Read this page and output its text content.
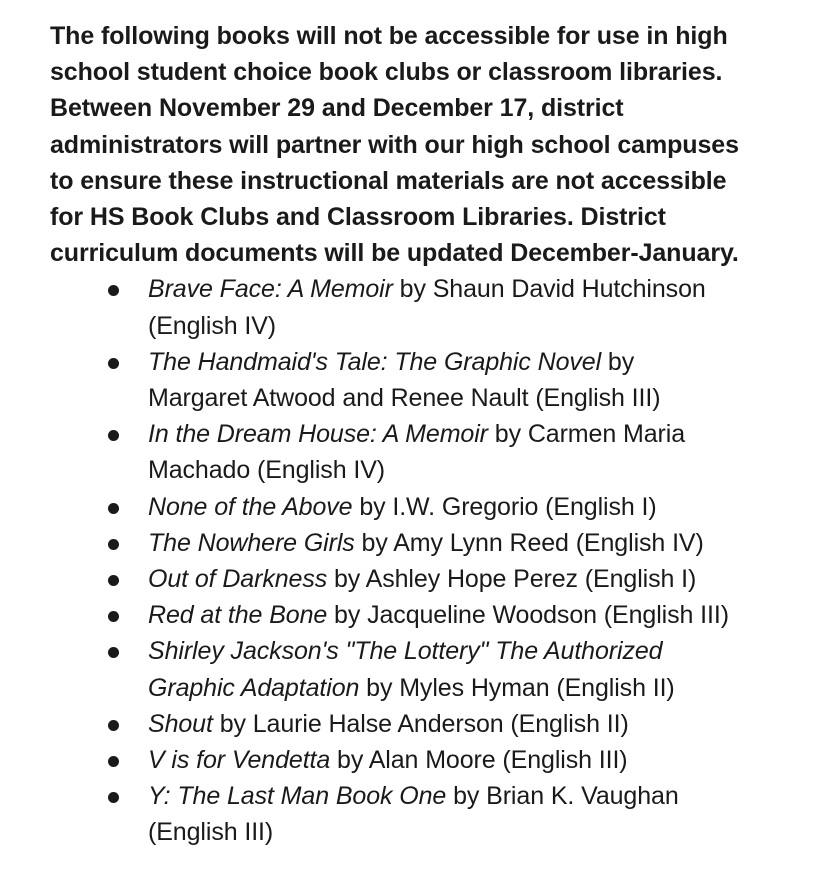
The following books will not be accessible for use in high
school student choice book clubs or classroom libraries.
Between November 29 and December 17, district
administrators will partner with our high school campuses
to ensure these instructional materials are not accessible
for HS Book Clubs and Classroom Libraries. District
curriculum documents will be updated December-January.

Brave Face: A Memoir by Shaun David Hutchinson
(English IV)
The Handmaid's Tale: The Graphic Novel by
Margaret Atwood and Renee Nault (English III)
In the Dream House: A Memoir by Carmen Maria
Machado (English IV)
None of the Above by I.W. Gregorio (English I)
The Nowhere Girls by Amy Lynn Reed (English IV)
Out of Darkness by Ashley Hope Perez (English I)
Red at the Bone by Jacqueline Woodson (English III)
Shirley Jackson's "The Lottery" The Authorized
Graphic Adaptation by Myles Hyman (English II)
Shout by Laurie Halse Anderson (English II)
V is for Vendetta by Alan Moore (English III)
Y: The Last Man Book One by Brian K. Vaughan
(English III)
